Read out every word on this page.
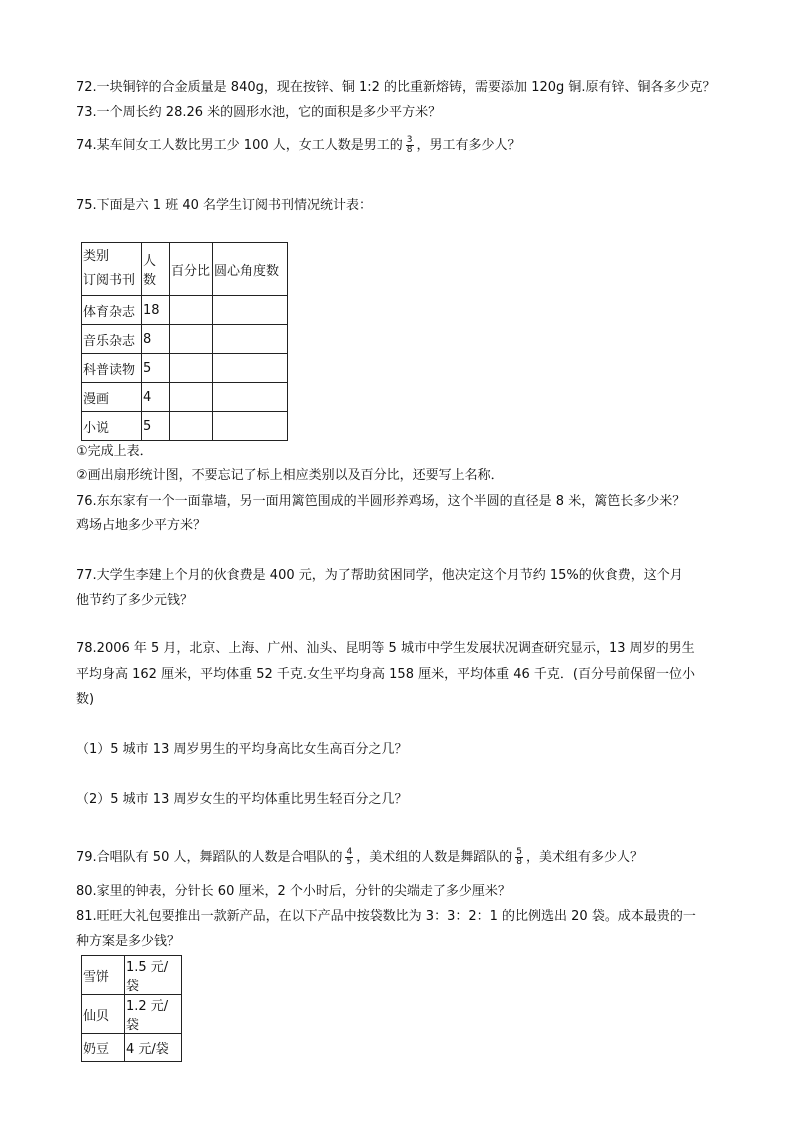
72.一块铜锌的合金质量是 840g，现在按锌、铜 1:2 的比重新熔铸，需要添加 120g 铜.原有锌、铜各多少克？
73.一个周长约 28.26 米的圆形水池，它的面积是多少平方米？
74.某车间女工人数比男工少 100 人，女工人数是男工的 $\frac{3}{8}$ ，男工有多少人？
75.下面是六 1 班 40 名学生订阅书刊情况统计表：
类别
订阅书刊	人数	百分比	圆心角度数
体育杂志	18		
音乐杂志	8		
科普读物	5		
漫画	4		
小说	5		
①完成上表．
②画出扇形统计图，不要忘记了标上相应类别以及百分比，还要写上名称．
76.东东家有一个一面靠墙，另一面用篱笆围成的半圆形养鸡场，这个半圆的直径是 8 米，篱笆长多少米？
鸡场占地多少平方米？
77.大学生李建上个月的伙食费是 400 元，为了帮助贫困同学，他决定这个月节约 15%的伙食费，这个月
他节约了多少元钱？
78.2006 年 5 月，北京、上海、广州、汕头、昆明等 5 城市中学生发展状况调查研究显示，13 周岁的男生
平均身高 162 厘米，平均体重 52 千克.女生平均身高 158 厘米，平均体重 46 千克．(百分号前保留一位小
数)
（1）5 城市 13 周岁男生的平均身高比女生高百分之几？
（2）5 城市 13 周岁女生的平均体重比男生轻百分之几？
79.合唱队有 50 人，舞蹈队的人数是合唱队的 $\frac{4}{5}$ ，美术组的人数是舞蹈队的 $\frac{5}{8}$ ，美术组有多少人？
80.家里的钟表，分针长 60 厘米，2 个小时后，分针的尖端走了多少厘米？
81.旺旺大礼包要推出一款新产品，在以下产品中按袋数比为 3：3：2：1 的比例选出 20 袋。成本最贵的一
种方案是多少钱？
雪饼	1.5 元/袋
仙贝	1.2 元/袋
奶豆	4 元/袋
